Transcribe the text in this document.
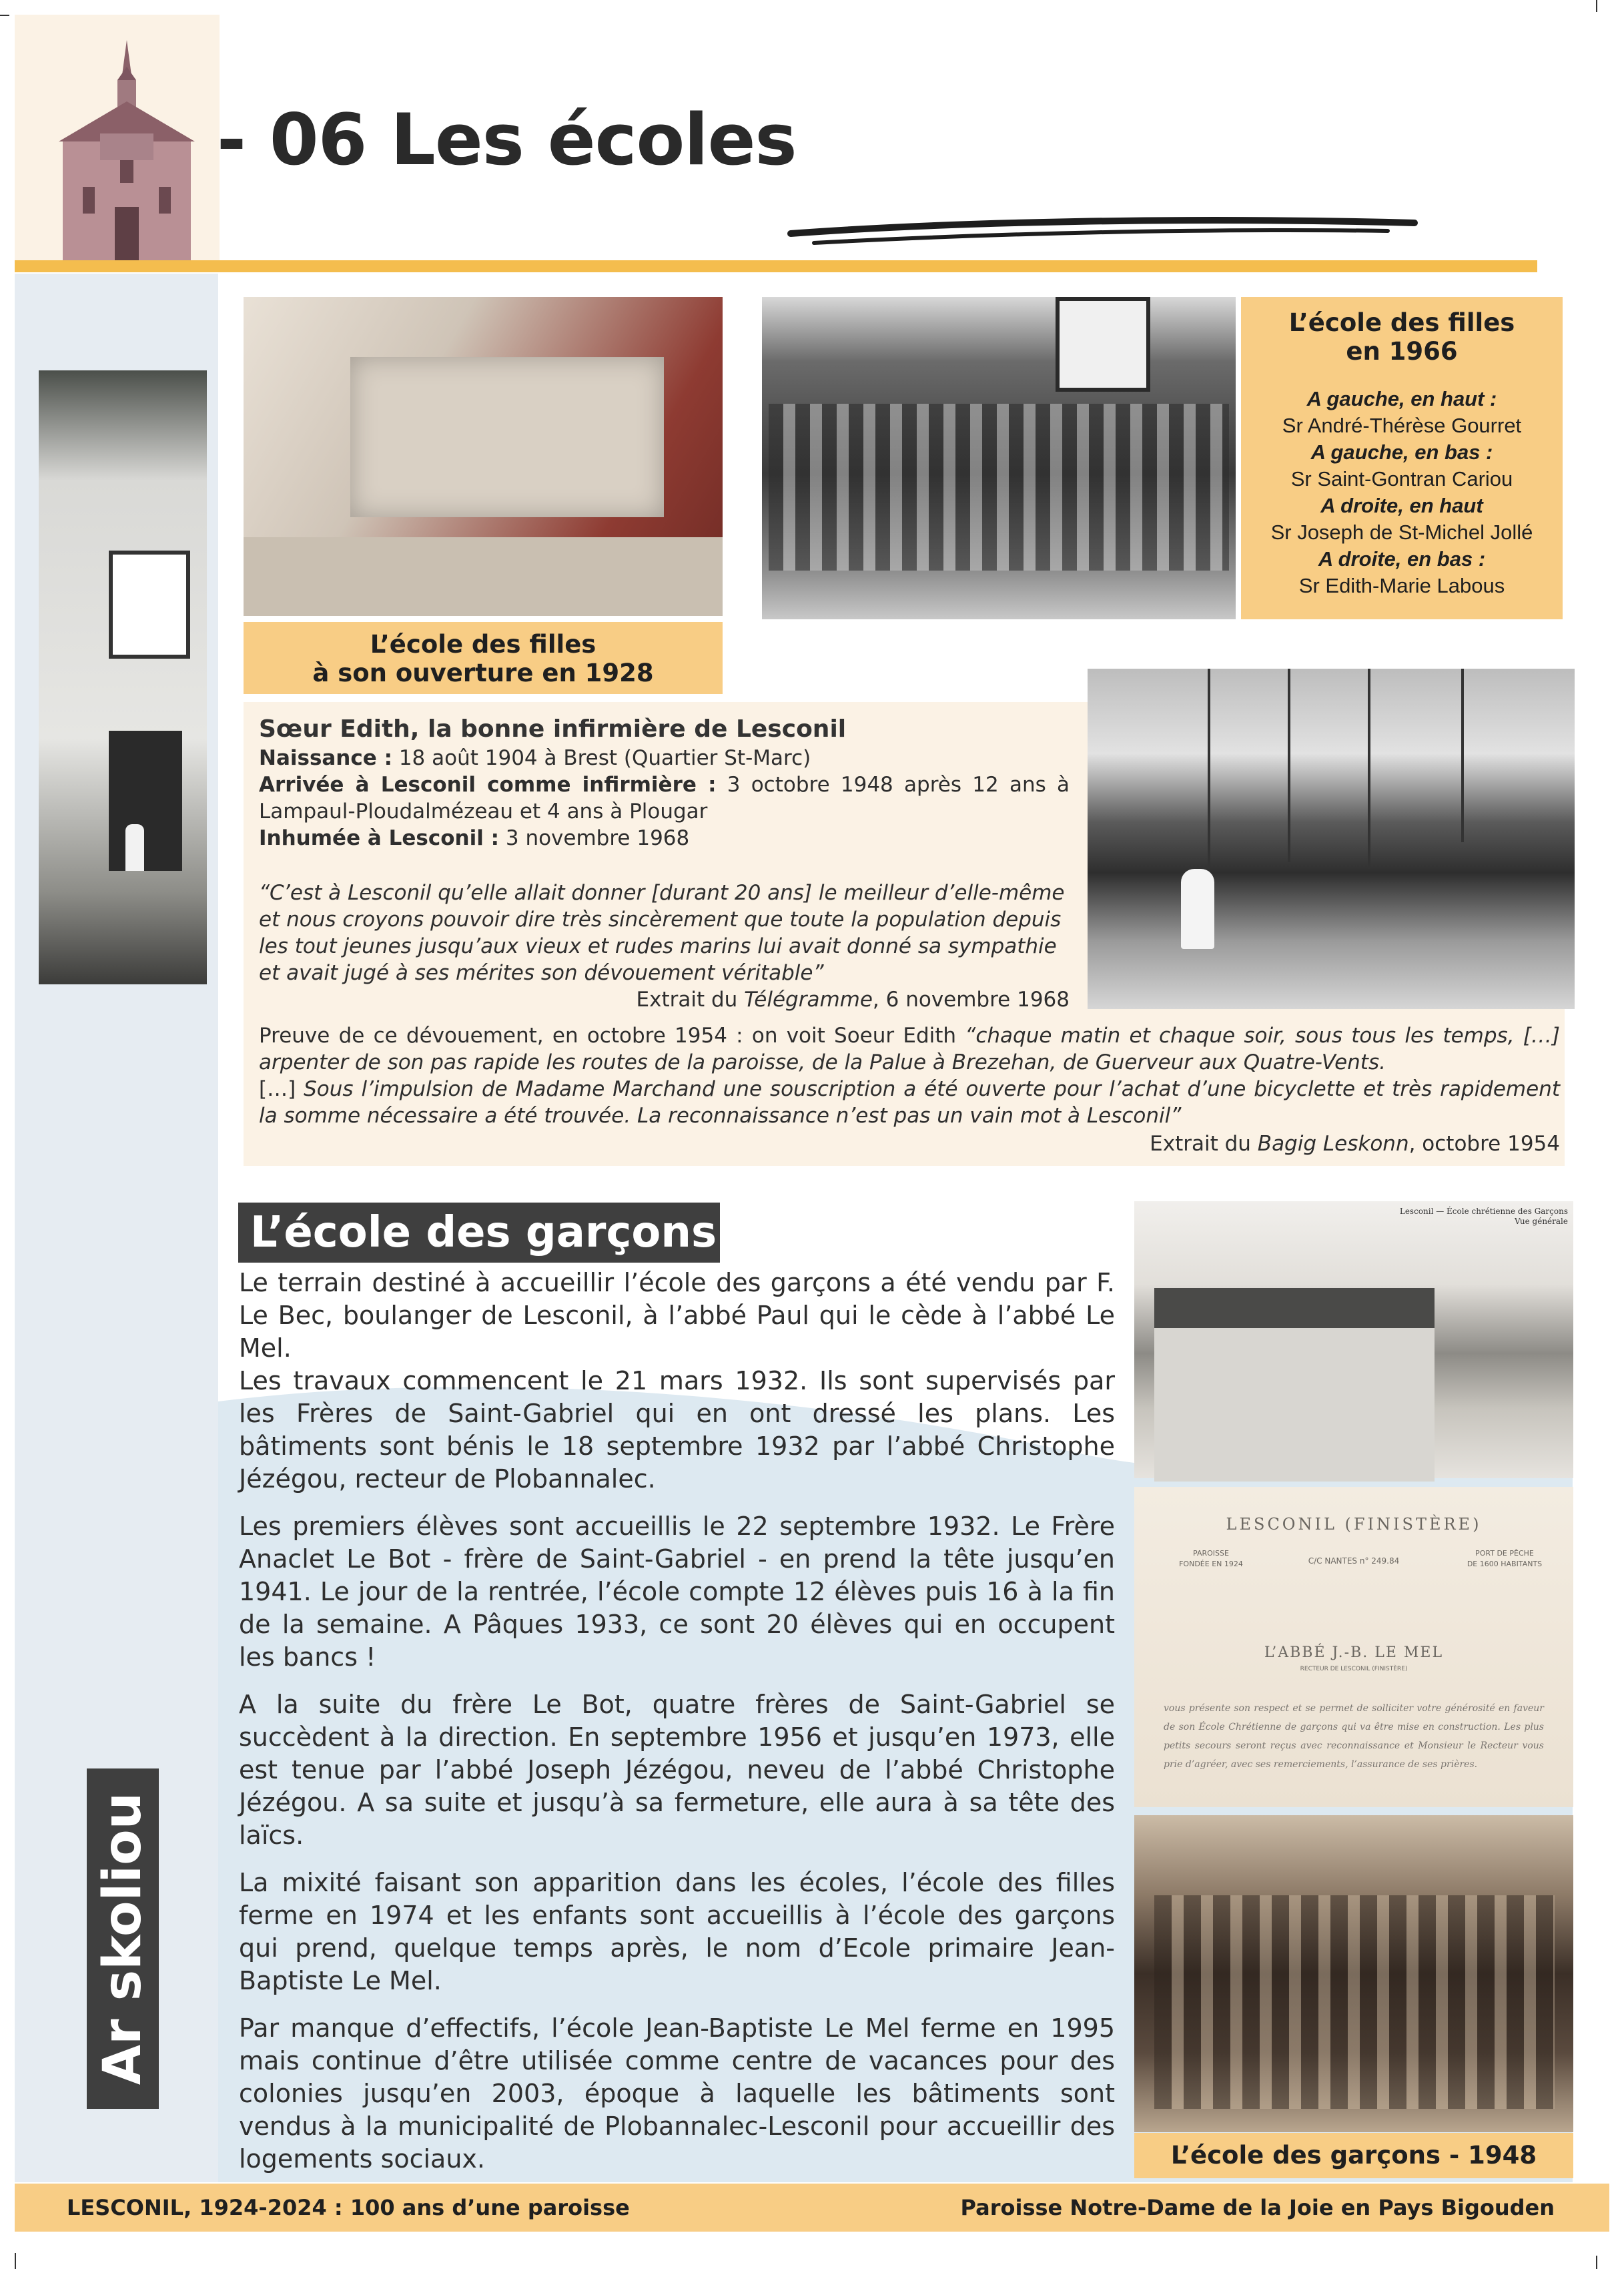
- 06 Les écoles
Ar skoliou
L’école des filles
à son ouverture en 1928
L’école des filles
en 1966
A gauche, en haut :
Sr André-Thérèse Gourret
A gauche, en bas :
Sr Saint-Gontran Cariou
A droite, en haut
Sr Joseph de St-Michel Jollé
A droite, en bas :
Sr Edith-Marie Labous
Sœur Edith, la bonne infirmière de Lesconil
Naissance : 18 août 1904 à Brest (Quartier St-Marc)
Arrivée à Lesconil comme infirmière : 3 octobre 1948 après 12 ans à Lampaul-Ploudalmézeau et 4 ans à Plougar
Inhumée à Lesconil : 3 novembre 1968
“C’est à Lesconil qu’elle allait donner [durant 20 ans] le meilleur d’elle-même et nous croyons pouvoir dire très sincèrement que toute la population depuis les tout jeunes jusqu’aux vieux et rudes marins lui avait donné sa sympathie et avait jugé à ses mérites son dévouement véritable”
Extrait du Télégramme, 6 novembre 1968
Preuve de ce dévouement, en octobre 1954 : on voit Soeur Edith “chaque matin et chaque soir, sous tous les temps, […] arpenter de son pas rapide les routes de la paroisse, de la Palue à Brezehan, de Guerveur aux Quatre-Vents.
[…] Sous l’impulsion de Madame Marchand une souscription a été ouverte pour l’achat d’une bicyclette et très rapidement la somme nécessaire a été trouvée. La reconnaissance n’est pas un vain mot à Lesconil”
Extrait du Bagig Leskonn, octobre 1954
L’école des garçons

Le terrain destiné à accueillir l’école des garçons a été vendu par F. Le Bec, boulanger de Lesconil, à l’abbé Paul qui le cède à l’abbé Le Mel.

Les travaux commencent le 21 mars 1932. Ils sont supervisés par les Frères de Saint-Gabriel qui en ont dressé les plans. Les bâtiments sont bénis le 18 septembre 1932 par l’abbé Christophe Jézégou, recteur de Plobannalec.

Les premiers élèves sont accueillis le 22 septembre 1932. Le Frère Anaclet Le Bot - frère de Saint-Gabriel - en prend la tête jusqu’en 1941. Le jour de la rentrée, l’école compte 12 élèves puis 16 à la fin de la semaine. A Pâques 1933, ce sont 20 élèves qui en occupent les bancs !

A la suite du frère Le Bot, quatre frères de Saint-Gabriel se succèdent à la direction. En septembre 1956 et jusqu’en 1973, elle est tenue par l’abbé Joseph Jézégou, neveu de l’abbé Christophe Jézégou. A sa suite et jusqu’à sa fermeture, elle aura à sa tête des laïcs.

La mixité faisant son apparition dans les écoles, l’école des filles ferme en 1974 et les enfants sont accueillis à l’école des garçons qui prend, quelque temps après, le nom d’Ecole primaire Jean-Baptiste Le Mel.

Par manque d’effectifs, l’école Jean-Baptiste Le Mel ferme en 1995 mais continue d’être utilisée comme centre de vacances pour des colonies jusqu’en 2003, époque à laquelle les bâtiments sont vendus à la municipalité de Plobannalec-Lesconil pour accueillir des logements sociaux.

Lesconil — École chrétienne des Garçons
Vue générale
LESCONIL (FINISTÈRE)
PAROISSE
FONDÉE EN 1924	C/C NANTES n° 249.84
PORT DE PÊCHE
DE 1600 HABITANTS
L’ABBÉ J.-B. LE MEL
RECTEUR DE LESCONIL (FINISTÈRE)
vous présente son respect et se permet de solliciter votre générosité en faveur de son École Chrétienne de garçons qui va être mise en construction. Les plus petits secours seront reçus avec reconnaissance et Monsieur le Recteur vous prie d’agréer, avec ses remerciements, l’assurance de ses prières.
L’école des garçons - 1948
LESCONIL, 1924-2024 : 100 ans d’une paroisse	Paroisse Notre-Dame de la Joie en Pays Bigouden
